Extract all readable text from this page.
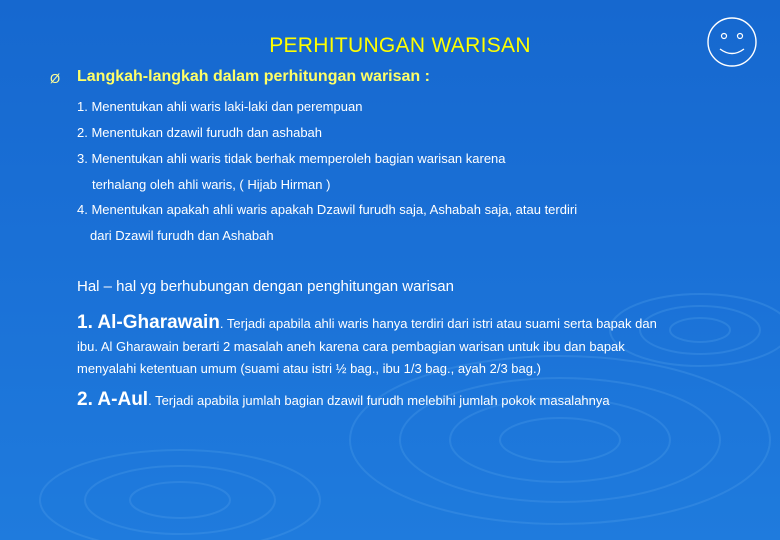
PERHITUNGAN WARISAN
Ø Langkah-langkah dalam perhitungan warisan :
1. Menentukan ahli waris laki-laki dan perempuan
2. Menentukan dzawil furudh dan ashabah
3. Menentukan ahli waris tidak berhak memperoleh bagian warisan karena
terhalang oleh ahli waris, ( Hijab Hirman )
4. Menentukan apakah ahli waris apakah Dzawil furudh saja, Ashabah saja, atau terdiri
dari Dzawil furudh dan Ashabah
Hal – hal yg berhubungan dengan penghitungan warisan
1. Al-Gharawain. Terjadi apabila ahli waris hanya terdiri dari istri atau suami serta bapak dan
ibu. Al Gharawain berarti 2 masalah aneh karena cara pembagian warisan untuk ibu dan bapak
menyalahi ketentuan umum (suami atau istri ½ bag., ibu 1/3 bag., ayah 2/3 bag.)
2. A-Aul. Terjadi apabila jumlah bagian dzawil furudh melebihi jumlah pokok masalahnya
